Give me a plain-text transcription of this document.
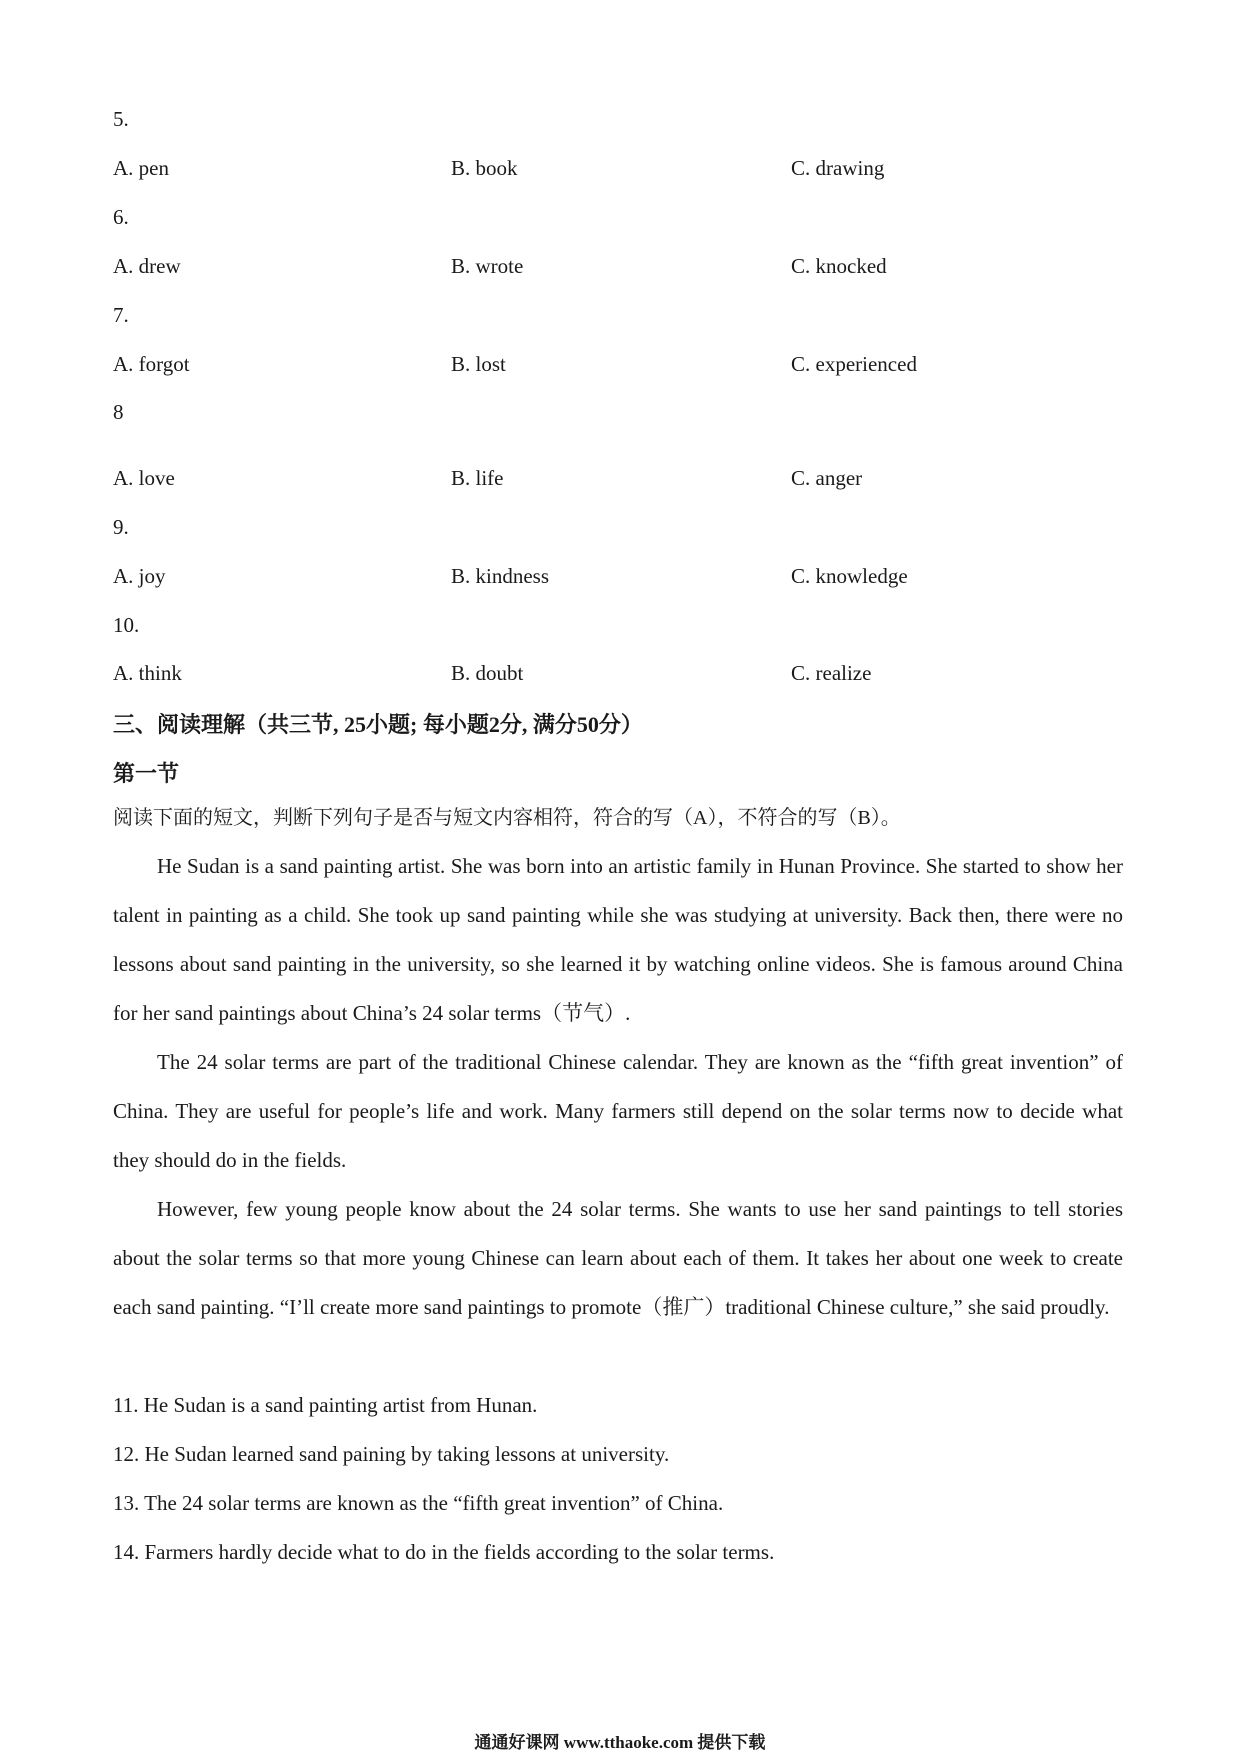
5.
A. pen	B. book	C. drawing
6.
A. drew	B. wrote	C. knocked
7.
A. forgot	B. lost	C. experienced
8
A. love	B. life	C. anger
9.
A. joy	B. kindness	C. knowledge
10.
A. think	B. doubt	C. realize
三、阅读理解（共三节, 25小题; 每小题2分, 满分50分）
第一节
阅读下面的短文，判断下列句子是否与短文内容相符，符合的写（A），不符合的写（B）。

He Sudan is a sand painting artist. She was born into an artistic family in Hunan Province. She started to show her talent in painting as a child. She took up sand painting while she was studying at university. Back then, there were no lessons about sand painting in the university, so she learned it by watching online videos. She is famous around China for her sand paintings about China’s 24 solar terms（节气）.

The 24 solar terms are part of the traditional Chinese calendar. They are known as the “fifth great invention” of China. They are useful for people’s life and work. Many farmers still depend on the solar terms now to decide what they should do in the fields.

However, few young people know about the 24 solar terms. She wants to use her sand paintings to tell stories about the solar terms so that more young Chinese can learn about each of them. It takes her about one week to create each sand painting. “I’ll create more sand paintings to promote（推广）traditional Chinese culture,” she said proudly.

11. He Sudan is a sand painting artist from Hunan.
12. He Sudan learned sand paining by taking lessons at university.
13. The 24 solar terms are known as the “fifth great invention” of China.
14. Farmers hardly decide what to do in the fields according to the solar terms.
通通好课网 www.tthaoke.com 提供下载
